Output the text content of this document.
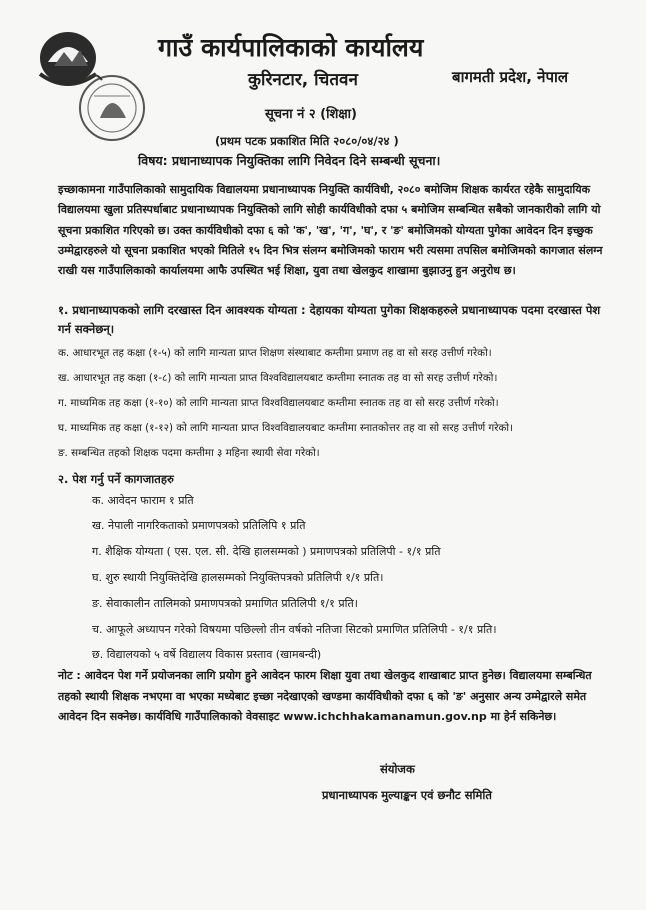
गाउँ कार्यपालिकाको कार्यालय
कुरिनटार, चितवन	बागमती प्रदेश, नेपाल
सूचना नं २ (शिक्षा)
(प्रथम पटक प्रकाशित मिति २०८०/०४/२४ )
विषय: प्रधानाध्यापक नियुक्तिका लागि निवेदन दिने सम्बन्धी सूचना।

इच्छाकामना गाउँपालिकाको सामुदायिक विद्यालयमा प्रधानाध्यापक नियुक्ति कार्यविधी, २०८० बमोजिम शिक्षक कार्यरत रहेकै सामुदायिक विद्यालयमा खुला प्रतिस्पर्धाबाट प्रधानाध्यापक नियुक्तिको लागि सोही कार्यविधीको दफा ५ बमोजिम सम्बन्धित सबैको जानकारीको लागि यो सूचना प्रकाशित गरिएको छ। उक्त कार्यविधीको दफा ६ को 'क', 'ख', 'ग', 'घ', र 'ङ' बमोजिमको योग्यता पुगेका आवेदन दिन इच्छुक उम्मेद्वारहरुले यो सूचना प्रकाशित भएको मितिले १५ दिन भित्र संलग्न बमोजिमको फाराम भरी त्यसमा तपसिल बमोजिमको कागजात संलग्न राखी यस गाउँपालिकाको कार्यालयमा आफै उपस्थित भई शिक्षा, युवा तथा खेलकुद शाखामा बुझाउनु हुन अनुरोध छ।

१. प्रधानाध्यापकको लागि दरखास्त दिन आवश्यक योग्यता : देहायका योग्यता पुगेका शिक्षकहरुले प्रधानाध्यापक पदमा दरखास्त पेश गर्न सक्नेछन्।

क. आधारभूत तह कक्षा (१-५) को लागि मान्यता प्राप्त शिक्षण संस्थाबाट कम्तीमा प्रमाण तह वा सो सरह उत्तीर्ण गरेको।
ख. आधारभूत तह कक्षा (१-८) को लागि मान्यता प्राप्त विश्वविद्यालयबाट कम्तीमा स्नातक तह वा सो सरह उत्तीर्ण गरेको।
ग. माध्यमिक तह कक्षा (१-१०) को लागि मान्यता प्राप्त विश्वविद्यालयबाट कम्तीमा स्नातक तह वा सो सरह उत्तीर्ण गरेको।
घ. माध्यमिक तह कक्षा (१-१२) को लागि मान्यता प्राप्त विश्वविद्यालयबाट कम्तीमा स्नातकोत्तर तह वा सो सरह उत्तीर्ण गरेको।
ङ. सम्बन्धित तहको शिक्षक पदमा कम्तीमा ३ महिना स्थायी सेवा गरेको।
२. पेश गर्नु पर्ने कागजातहरु
क. आवेदन फाराम १ प्रति
ख. नेपाली नागरिकताको प्रमाणपत्रको प्रतिलिपि १ प्रति
ग. शैक्षिक योग्यता ( एस. एल. सी. देखि हालसम्मको ) प्रमाणपत्रको प्रतिलिपी - १/१ प्रति
घ. शुरु स्थायी नियुक्तिदेखि हालसम्मको नियुक्तिपत्रको प्रतिलिपी १/१ प्रति।
ङ. सेवाकालीन तालिमको प्रमाणपत्रको प्रमाणित प्रतिलिपी १/१ प्रति।
च. आफूले अध्यापन गरेको विषयमा पछिल्लो तीन वर्षको नतिजा सिटको प्रमाणित प्रतिलिपी - १/१ प्रति।
छ. विद्यालयको ५ वर्षे विद्यालय विकास प्रस्ताव (खामबन्दी)

नोट : आवेदन पेश गर्ने प्रयोजनका लागि प्रयोग हुने आवेदन फारम शिक्षा युवा तथा खेलकुद शाखाबाट प्राप्त हुनेछ। विद्यालयमा सम्बन्धित तहको स्थायी शिक्षक नभएमा वा भएका मध्येबाट इच्छा नदेखाएको खण्डमा कार्यविधीको दफा ६ को 'ङ' अनुसार अन्य उम्मेद्वारले समेत आवेदन दिन सक्नेछ। कार्यविधि गाउँपालिकाको वेवसाइट www.ichchhakamanamun.gov.np मा हेर्न सकिनेछ।

संयोजक
प्रधानाध्यापक मुल्याङ्कन एवं छनौट समिति
